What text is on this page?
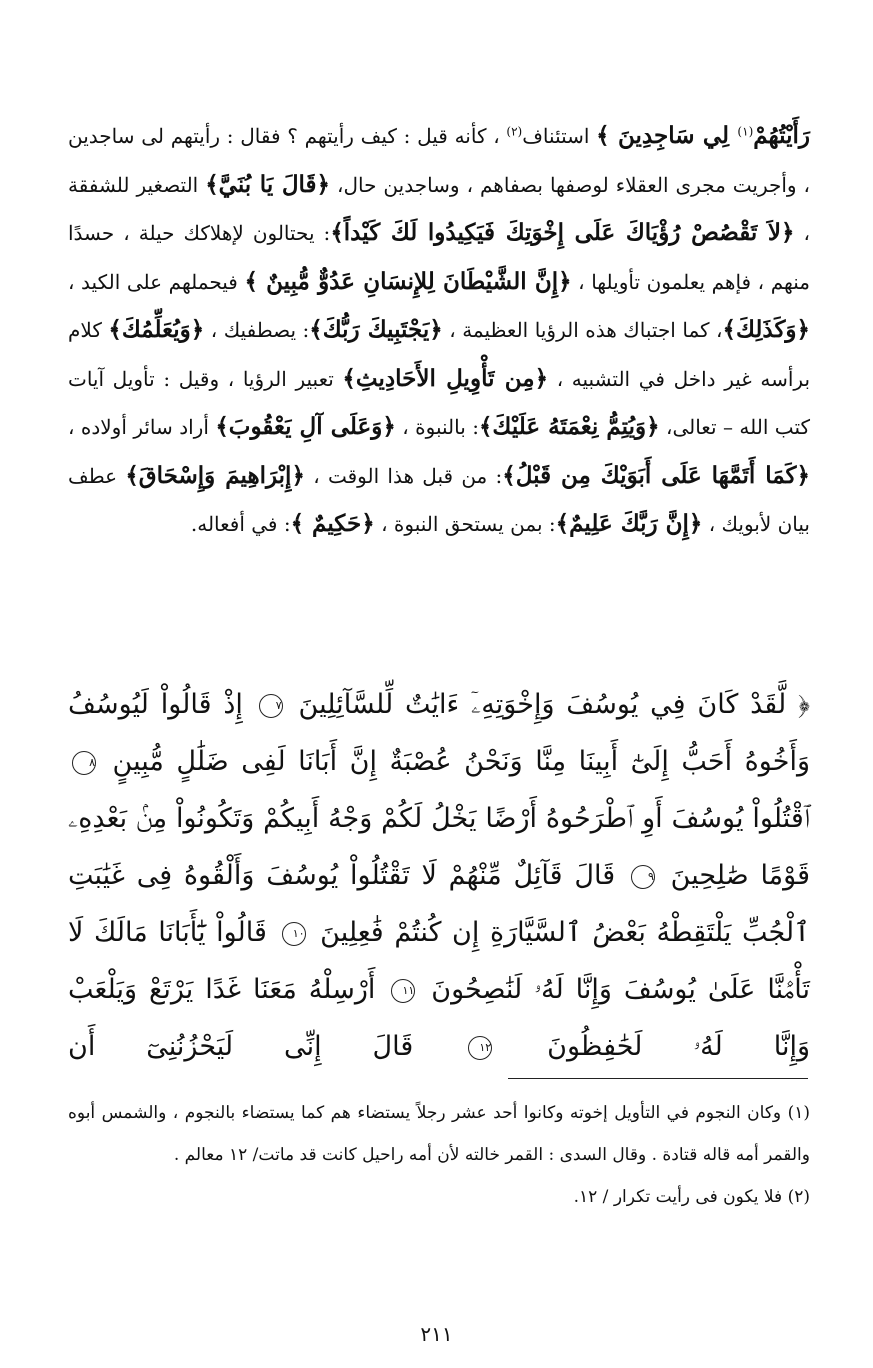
رَأَيْتُهُمْ$^{(١)}$ لِي سَاجِدِينَ ﴾ استئناف$^{(٢)}$ ، كأنه قيل : كيف رأيتهم ؟ فقال : رأيتهم لى ساجدين ، وأجريت مجرى العقلاء لوصفها بصفاهم ، وساجدين حال، ﴿قَالَ يَا بُنَيَّ﴾ التصغير للشفقة ، ﴿لاَ تَقْصُصْ رُؤْيَاكَ عَلَى إِخْوَتِكَ فَيَكِيدُوا لَكَ كَيْداً﴾: يحتالون لإهلاكك حيلة ، حسدًا منهم ، فإهم يعلمون تأويلها ، ﴿إِنَّ الشَّيْطَانَ لِلإِنسَانِ عَدُوٌّ مُّبِينٌ ﴾ فيحملهم على الكيد ، ﴿وَكَذَلِكَ﴾، كما اجتباك هذه الرؤيا العظيمة ، ﴿يَجْتَبِيكَ رَبُّكَ﴾: يصطفيك ، ﴿وَيُعَلِّمُكَ﴾ كلام برأسه غير داخل في التشبيه ، ﴿مِن تَأْوِيلِ الأَحَادِيثِ﴾ تعبير الرؤيا ، وقيل : تأويل آيات كتب الله – تعالى، ﴿وَيُتِمُّ نِعْمَتَهُ عَلَيْكَ﴾: بالنبوة ، ﴿وَعَلَى آلِ يَعْقُوبَ﴾ أراد سائر أولاده ، ﴿كَمَا أَتَمَّهَا عَلَى أَبَوَيْكَ مِن قَبْلُ﴾: من قبل هذا الوقت ، ﴿إِبْرَاهِيمَ وَإِسْحَاقَ﴾ عطف بيان لأبويك ، ﴿إِنَّ رَبَّكَ عَلِيمٌ﴾: بمن يستحق النبوة ، ﴿حَكِيمٌ ﴾: في أفعاله.
﴿ لَّقَدْ كَانَ فِي يُوسُفَ وَإِخْوَتِهِۦٓ ءَايَٰتٌ لِّلسَّآئِلِينَ ٧ إِذْ قَالُواْ لَيُوسُفُ وَأَخُوهُ أَحَبُّ إِلَىٰٓ أَبِينَا مِنَّا وَنَحْنُ عُصْبَةٌ إِنَّ أَبَانَا لَفِى ضَلَٰلٍ مُّبِينٍ ٨ ٱقْتُلُواْ يُوسُفَ أَوِ ٱطْرَحُوهُ أَرْضًا يَخْلُ لَكُمْ وَجْهُ أَبِيكُمْ وَتَكُونُواْ مِنۢ بَعْدِهِۦ قَوْمًا صَٰلِحِينَ ٩ قَالَ قَآئِلٌ مِّنْهُمْ لَا تَقْتُلُواْ يُوسُفَ وَأَلْقُوهُ فِى غَيَٰبَتِ ٱلْجُبِّ يَلْتَقِطْهُ بَعْضُ ٱلسَّيَّارَةِ إِن كُنتُمْ فَٰعِلِينَ ١٠ قَالُواْ يَٰٓأَبَانَا مَالَكَ لَا تَأْمَ۫نَّا عَلَىٰ يُوسُفَ وَإِنَّا لَهُۥ لَنَٰصِحُونَ ١١ أَرْسِلْهُ مَعَنَا غَدًا يَرْتَعْ وَيَلْعَبْ وَإِنَّا لَهُۥ لَحَٰفِظُونَ ١٢ قَالَ إِنِّى لَيَحْزُنُنِىٓ أَن
(١) وكان النجوم في التأويل إخوته وكانوا أحد عشر رجلاً يستضاء هم كما يستضاء بالنجوم ، والشمس أبوه والقمر أمه قاله قتادة . وقال السدى : القمر خالته لأن أمه راحيل كانت قد ماتت/ ١٢ معالم .
(٢) فلا يكون فى رأيت تكرار / ١٢.
٢١١
